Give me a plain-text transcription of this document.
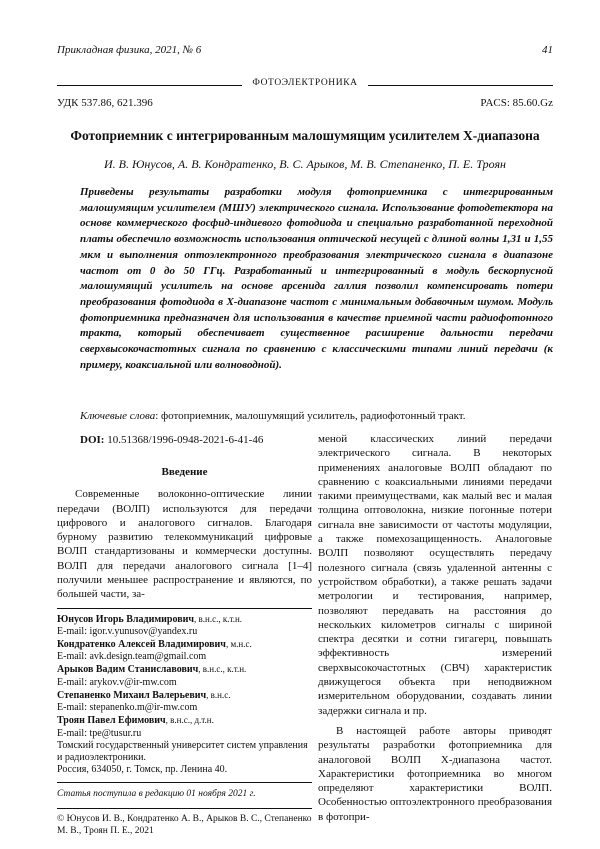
Прикладная физика, 2021, № 6	41
ФОТОЭЛЕКТРОНИКА
УДК 537.86, 621.396	PACS: 85.60.Gz
Фотоприемник с интегрированным малошумящим усилителем X-диапазона
И. В. Юнусов, А. В. Кондратенко, В. С. Арыков, М. В. Степаненко, П. Е. Троян
Приведены результаты разработки модуля фотоприемника с интегрированным малошумящим усилителем (МШУ) электрического сигнала. Использование фотодетектора на основе коммерческого фосфид-индиевого фотодиода и специально разработанной переходной платы обеспечило возможность использования оптической несущей с длиной волны 1,31 и 1,55 мкм и выполнения оптоэлектронного преобразования электрического сигнала в диапазоне частот от 0 до 50 ГГц. Разработанный и интегрированный в модуль бескорпусной малошумящий усилитель на основе арсенида галлия позволил компенсировать потери преобразования фотодиода в X-диапазоне частот с минимальным добавочным шумом. Модуль фотоприемника предназначен для использования в качестве приемной части радиофотонного тракта, который обеспечивает существенное расширение дальности передачи сверхвысокочастотных сигнала по сравнению с классическими типами линий передачи (к примеру, коаксиальной или волноводной).
Ключевые слова: фотоприемник, малошумящий усилитель, радиофотонный тракт.
DOI: 10.51368/1996-0948-2021-6-41-46
Введение

Современные волоконно-оптические линии передачи (ВОЛП) используются для передачи цифрового и аналогового сигналов. Благодаря бурному развитию телекоммуникаций цифровые ВОЛП стандартизованы и коммерчески доступны. ВОЛП для передачи аналогового сигнала [1–4] получили меньшее распространение и являются, по большей части, за-

Юнусов Игорь Владимирович, в.н.с., к.т.н.
E-mail: igor.v.yunusov@yandex.ru
Кондратенко Алексей Владимирович, м.н.с.
E-mail: avk.design.team@gmail.com
Арыков Вадим Станиславович, в.н.с., к.т.н.
E-mail: arykov.v@ir-mw.com
Степаненко Михаил Валерьевич, в.н.с.
E-mail: stepanenko.m@ir-mw.com
Троян Павел Ефимович, в.н.с., д.т.н.
E-mail: tpe@tusur.ru
Томский государственный университет систем управления и радиоэлектроники.
Россия, 634050, г. Томск, пр. Ленина 40.
Статья поступила в редакцию 01 ноября 2021 г.
© Юнусов И. В., Кондратенко А. В., Арыков В. С., Степаненко М. В., Троян П. Е., 2021

меной классических линий передачи электрического сигнала. В некоторых применениях аналоговые ВОЛП обладают по сравнению с коаксиальными линиями передачи такими преимуществами, как малый вес и малая толщина оптоволокна, низкие погонные потери сигнала вне зависимости от частоты модуляции, а также помехозащищенность. Аналоговые ВОЛП позволяют осуществлять передачу полезного сигнала (связь удаленной антенны с устройством обработки), а также решать задачи метрологии и тестирования, например, позволяют передавать на расстояния до нескольких километров сигналы с шириной спектра десятки и сотни гигагерц, повышать эффективность измерений сверхвысокочастотных (СВЧ) характеристик движущегося объекта при неподвижном измерительном оборудовании, создавать линии задержки сигнала и пр.

В настоящей работе авторы приводят результаты разработки фотоприемника для аналоговой ВОЛП X-диапазона частот. Характеристики фотоприемника во многом определяют характеристики ВОЛП. Особенностью оптоэлектронного преобразования в фотопри-
